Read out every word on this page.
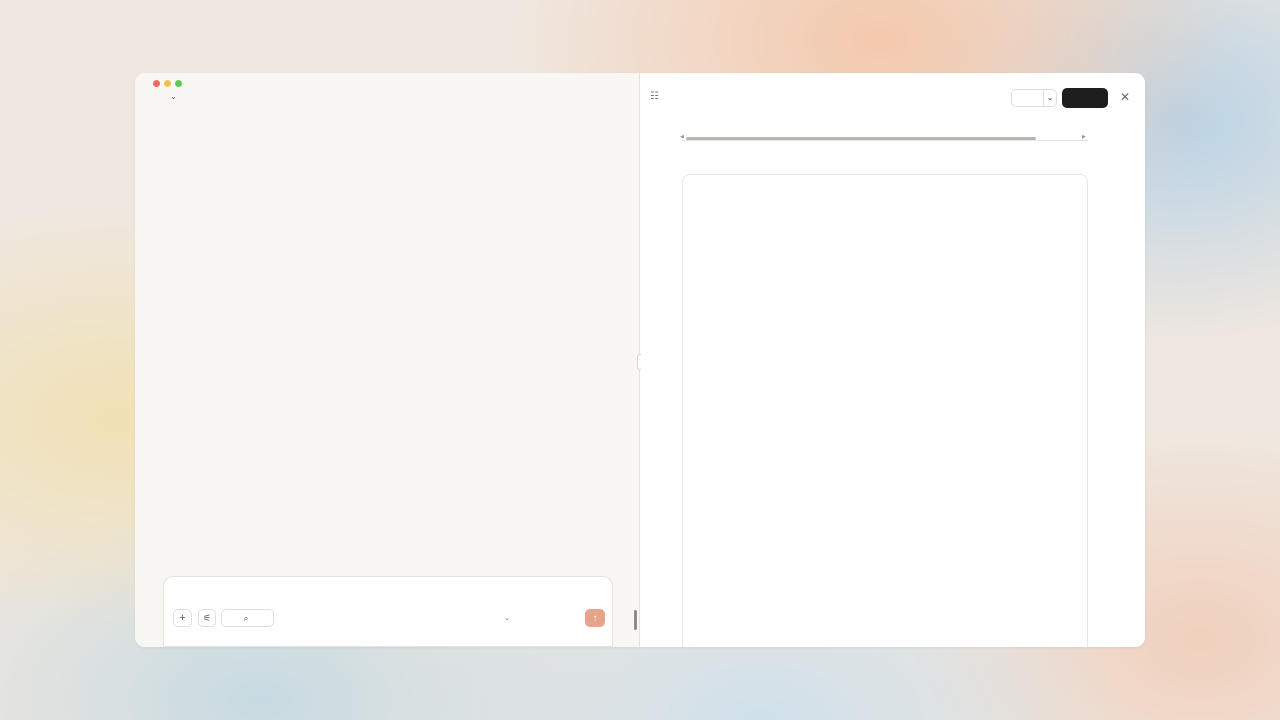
⌄

+ ⚟	⌕	⌄	↑
☷	⌄	✕
◀	▶
